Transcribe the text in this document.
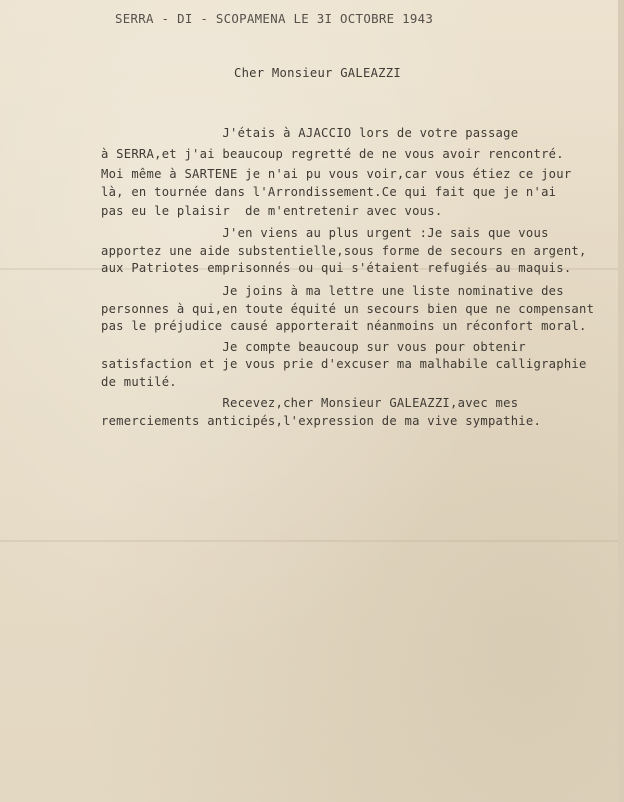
SERRA - DI - SCOPAMENA LE 3I OCTOBRE 1943

Cher Monsieur GALEAZZI

J'étais à AJACCIO lors de votre passage

à SERRA,et j'ai beaucoup regretté de ne vous avoir rencontré.

Moi même à SARTENE je n'ai pu vous voir,car vous étiez ce jour

là, en tournée dans l'Arrondissement.Ce qui fait que je n'ai

pas eu le plaisir  de m'entretenir avec vous.

J'en viens au plus urgent :Je sais que vous

apportez une aide substentielle,sous forme de secours en argent,

aux Patriotes emprisonnés ou qui s'étaient refugiés au maquis.

Je joins à ma lettre une liste nominative des

personnes à qui,en toute équité un secours bien que ne compensant

pas le préjudice causé apporterait néanmoins un réconfort moral.

Je compte beaucoup sur vous pour obtenir

satisfaction et je vous prie d'excuser ma malhabile calligraphie

de mutilé.

Recevez,cher Monsieur GALEAZZI,avec mes

remerciements anticipés,l'expression de ma vive sympathie.
